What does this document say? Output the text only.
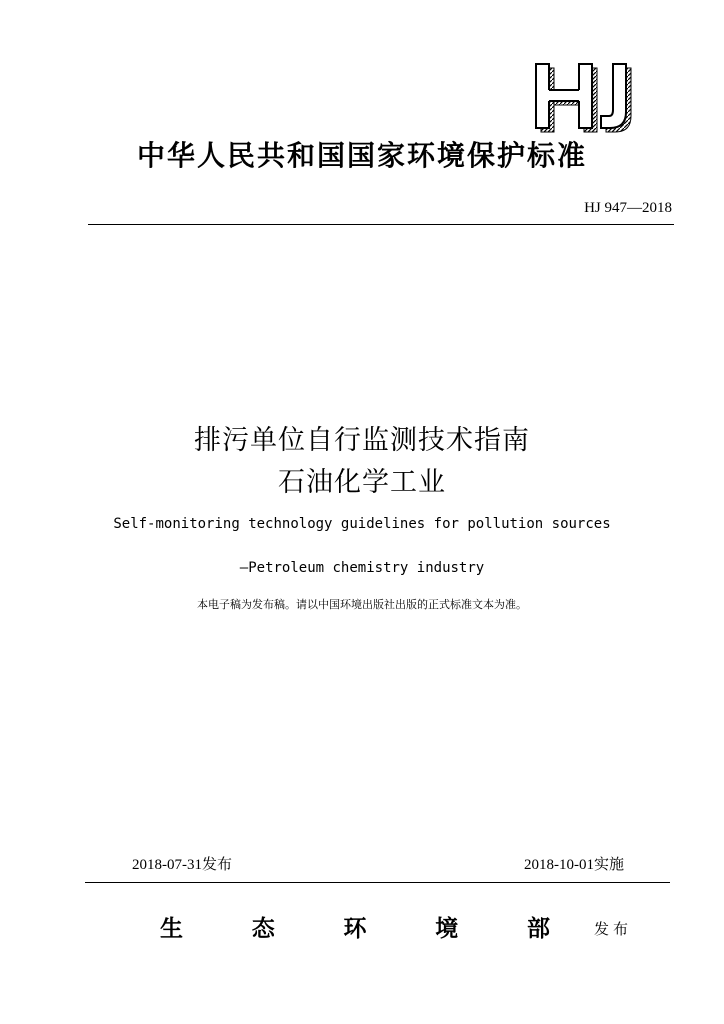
中华人民共和国国家环境保护标准
HJ 947—2018
排污单位自行监测技术指南
石油化学工业
Self-monitoring technology guidelines for pollution sources
—Petroleum chemistry industry
本电子稿为发布稿。请以中国环境出版社出版的正式标准文本为准。
2018-07-31发布	2018-10-01实施
生	态	环	境	部	发布
